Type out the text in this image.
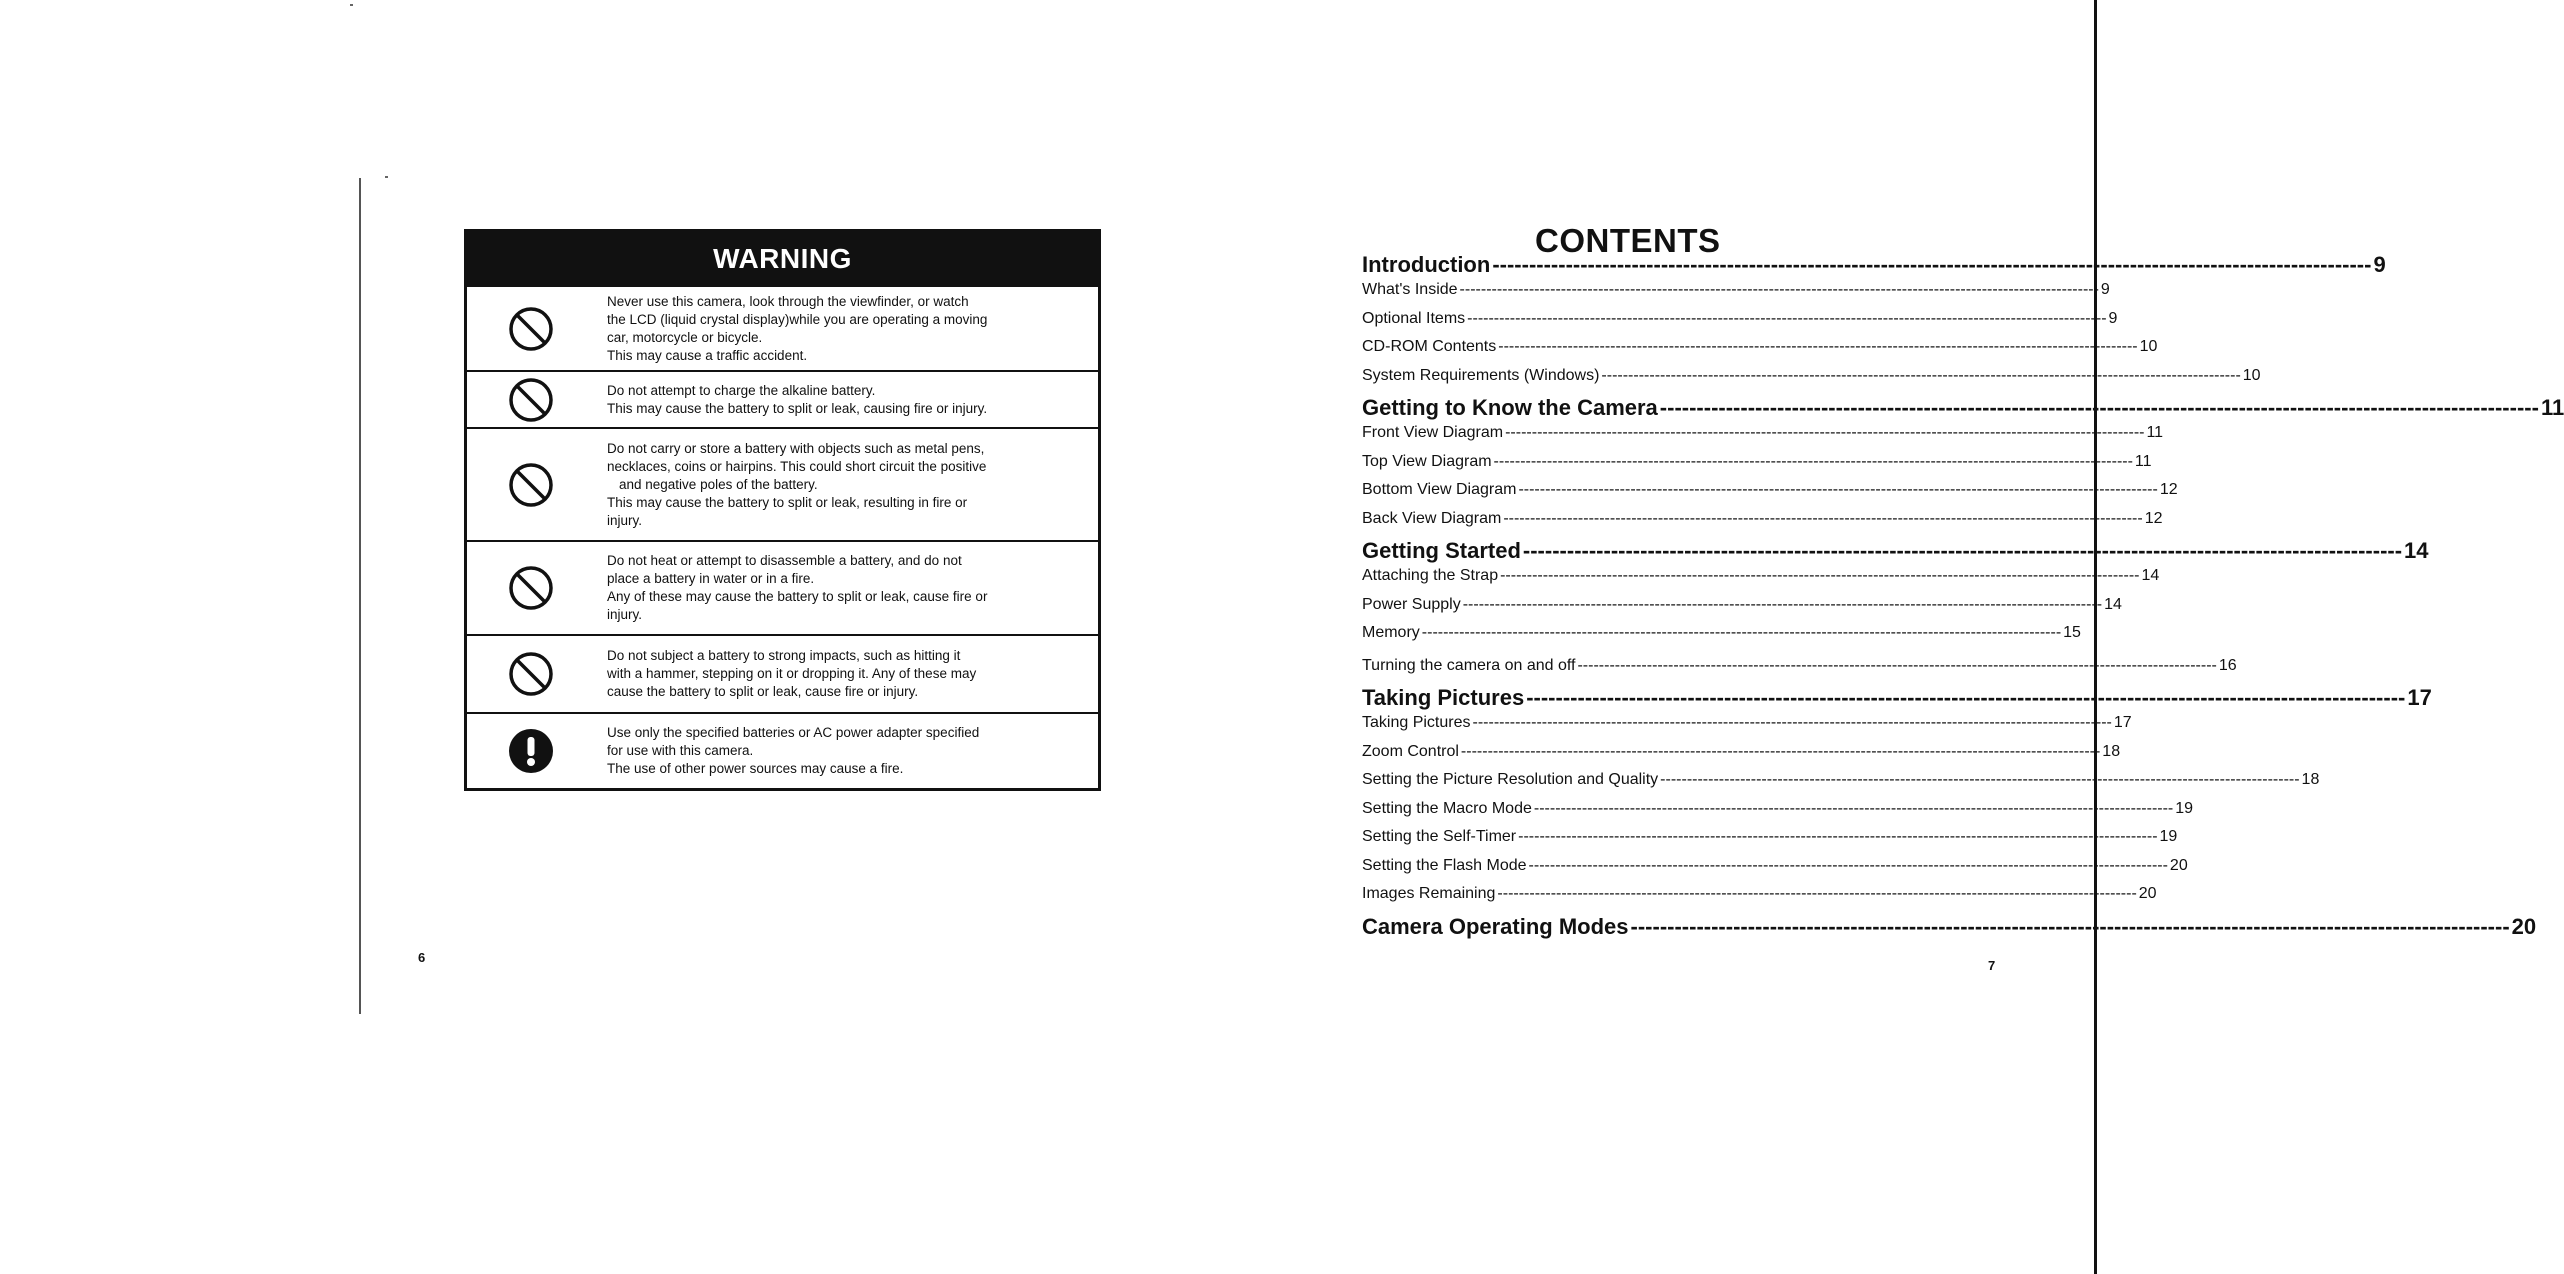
WARNING
Never use this camera, look through the viewfinder, or watch
the LCD (liquid crystal display)while you are operating a moving
car, motorcycle or bicycle.
This may cause a traffic accident.
Do not attempt to charge the alkaline battery.
This may cause the battery to split or leak, causing fire or injury.
Do not carry or store a battery with objects such as metal pens,
necklaces, coins or hairpins. This could short circuit the positive
and negative poles of the battery.
This may cause the battery to split or leak, resulting in fire or
injury.
Do not heat or attempt to disassemble a battery, and do not
place a battery in water or in a fire.
Any of these may cause the battery to split or leak, cause fire or
injury.
Do not subject a battery to strong impacts, such as hitting it
with a hammer, stepping on it or dropping it. Any of these may
cause the battery to split or leak, cause fire or injury.
Use only the specified batteries or AC power adapter specified
for use with this camera.
The use of other power sources may cause a fire.
6
CONTENTS
Introduction ------------------------------------------------------------------------------------------------------------------------ 9
What's Inside ------------------------------------------------------------------------------------------------------------------------ 9
Optional Items ------------------------------------------------------------------------------------------------------------------------ 9
CD-ROM Contents ------------------------------------------------------------------------------------------------------------------------ 10
System Requirements (Windows) ------------------------------------------------------------------------------------------------------------------------ 10
Getting to Know the Camera ------------------------------------------------------------------------------------------------------------------------ 11
Front View Diagram ------------------------------------------------------------------------------------------------------------------------ 11
Top View Diagram ------------------------------------------------------------------------------------------------------------------------ 11
Bottom View Diagram ------------------------------------------------------------------------------------------------------------------------ 12
Back View Diagram ------------------------------------------------------------------------------------------------------------------------ 12
Getting Started ------------------------------------------------------------------------------------------------------------------------ 14
Attaching the Strap ------------------------------------------------------------------------------------------------------------------------ 14
Power Supply ------------------------------------------------------------------------------------------------------------------------ 14
Memory ------------------------------------------------------------------------------------------------------------------------ 15
Turning the camera on and off ------------------------------------------------------------------------------------------------------------------------ 16
Taking Pictures ------------------------------------------------------------------------------------------------------------------------ 17
Taking Pictures ------------------------------------------------------------------------------------------------------------------------ 17
Zoom Control ------------------------------------------------------------------------------------------------------------------------ 18
Setting the Picture Resolution and Quality ------------------------------------------------------------------------------------------------------------------------ 18
Setting the Macro Mode ------------------------------------------------------------------------------------------------------------------------ 19
Setting the Self-Timer ------------------------------------------------------------------------------------------------------------------------ 19
Setting the Flash Mode ------------------------------------------------------------------------------------------------------------------------ 20
Images Remaining ------------------------------------------------------------------------------------------------------------------------ 20
Camera Operating Modes ------------------------------------------------------------------------------------------------------------------------ 20
7
